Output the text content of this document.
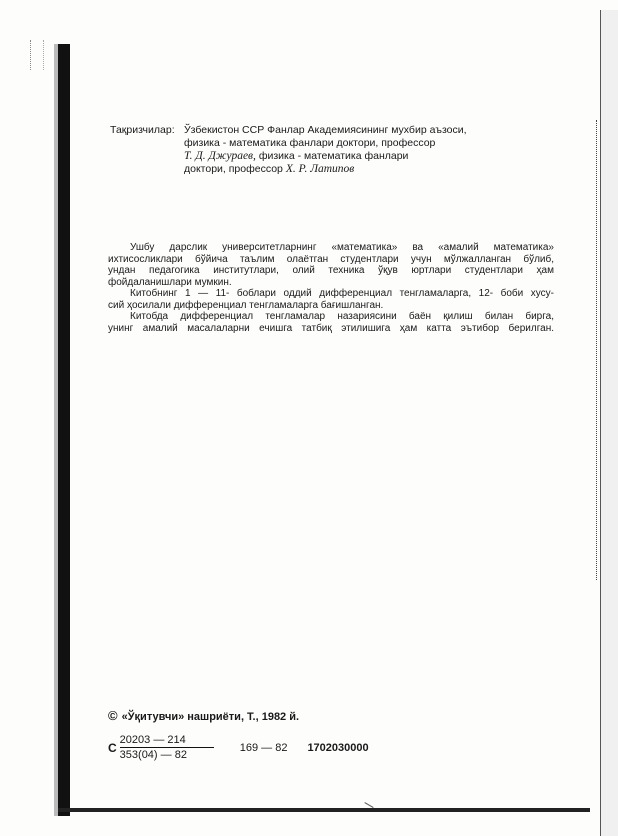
Тақризчилар: Ўзбекистон ССР Фанлар Академиясининг мухбир аъзоси,
физика - математика фанлари доктори, профессор
Т. Д. Джураев, физика - математика фанлари
доктори, профессор Х. Р. Латипов
Ушбу дарслик университетларнинг «математика» ва «амалий математика»
ихтисосликлари бўйича таълим олаётган студентлари учун мўлжалланган бўлиб,
ундан педагогика институтлари, олий техника ўқув юртлари студентлари ҳам
фойдаланишлари мумкин.
Китобнинг 1 — 11- боблари оддий дифференциал тенгламаларга, 12- боби хусу-
сий ҳосилали дифференциал тенгламаларга бағишланган.
Китобда дифференциал тенгламалар назариясини баён қилиш билан бирга,
унинг амалий масалаларни ечишга татбиқ этилишига ҳам катта эътибор берилган.
© «Ўқитувчи» нашриёти, Т., 1982 й.
С $\frac{20203 — 214}{353(04) — 82} 169$ — 82 1702030000
